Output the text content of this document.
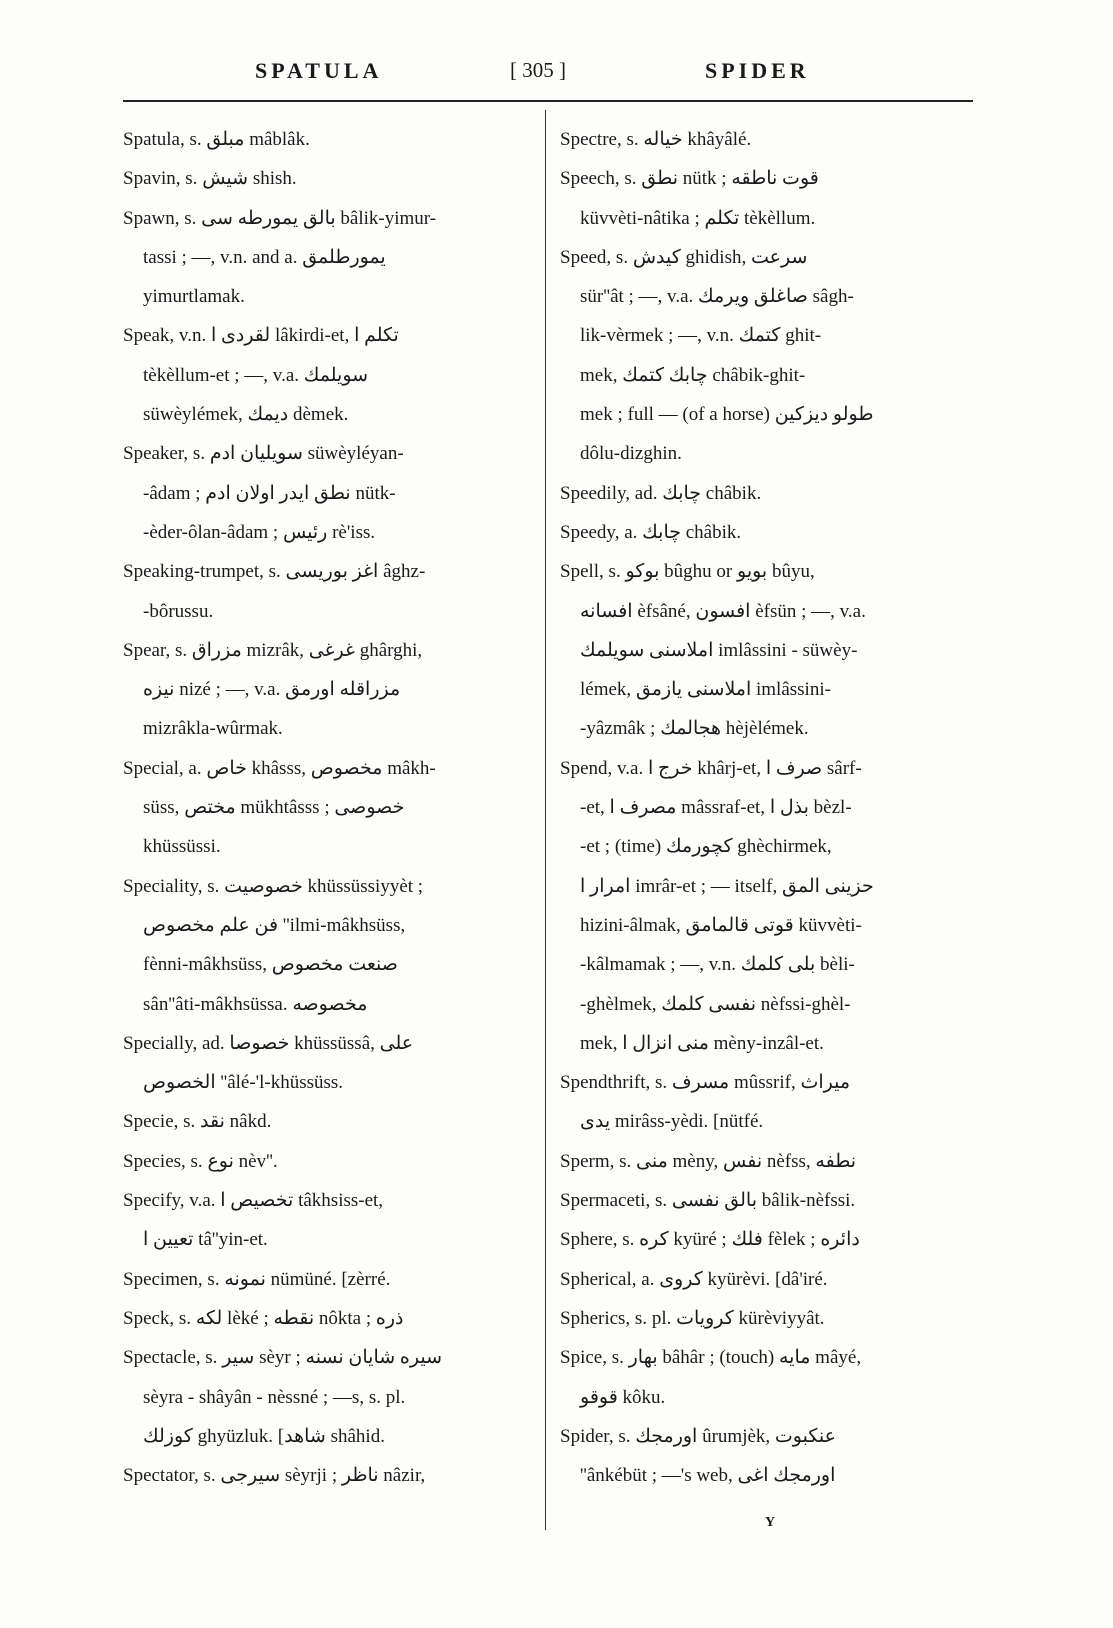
SPATULA	[ 305 ]	SPIDER
Spatula, s. مبلق mâblâk.
Spavin, s. شيش shish.
Spawn, s. بالق يمورطه سى bâlik-yimur-
tassi ; —, v.n. and a. يمورطلمق
yimurtlamak.
Speak, v.n. لقردى ا lâkirdi-et, تكلم ا
tèkèllum-et ; —, v.a. سويلمك
süwèylémek, ديمك dèmek.
Speaker, s. سويليان ادم süwèyléyan-
-âdam ; نطق ايدر اولان ادم nütk-
-èder-ôlan-âdam ; رئيس rè'iss.
Speaking-trumpet, s. اغز بوريسى âghz-
-bôrussu.
Spear, s. مزراق mizrâk, غرغى ghârghi,
نيزه nizé ; —, v.a. مزراقله اورمق
mizrâkla-wûrmak.
Special, a. خاص khâsss, مخصوص mâkh-
süss, مختص mükhtâsss ; خصوصى
khüssüssi.
Speciality, s. خصوصيت khüssüssiyyèt ;
فن علم مخصوص ''ilmi-mâkhsüss,
fènni-mâkhsüss, صنعت مخصوص
sân''âti-mâkhsüssa. مخصوصه
Specially, ad. خصوصا khüssüssâ, على
الخصوص ''âlé-'l-khüssüss.
Specie, s. نقد nâkd.
Species, s. نوع nèv''.
Specify, v.a. تخصيص ا tâkhsiss-et,
تعيين ا tâ''yin-et.
Specimen, s. نمونه nümüné. [zèrré.
Speck, s. لكه lèké ; نقطه nôkta ; ذره
Spectacle, s. سير sèyr ; سيره شايان نسنه
sèyra - shâyân - nèssné ; —s, s. pl.
كوزلك ghyüzluk. [شاهد shâhid.
Spectator, s. سيرجى sèyrji ; ناظر nâzir,
Spectre, s. خياله khâyâlé.
Speech, s. نطق nütk ; قوت ناطقه
küvvèti-nâtika ; تكلم tèkèllum.
Speed, s. كيدش ghidish, سرعت
sür''ât ; —, v.a. صاغلق ويرمك sâgh-
lik-vèrmek ; —, v.n. كتمك ghit-
mek, چابك كتمك châbik-ghit-
mek ; full — (of a horse) طولو ديزكين
dôlu-dizghin.
Speedily, ad. چابك châbik.
Speedy, a. چابك châbik.
Spell, s. بوكو bûghu or بويو bûyu,
افسانه èfsâné, افسون èfsün ; —, v.a.
املاسنى سويلمك imlâssini - süwèy-
lémek, املاسنى يازمق imlâssini-
-yâzmâk ; هجالمك hèjèlémek.
Spend, v.a. خرج ا khârj-et, صرف ا sârf-
-et, مصرف ا mâssraf-et, بذل ا bèzl-
-et ; (time) كچورمك ghèchirmek,
امرار ا imrâr-et ; — itself, حزينى المق
hizini-âlmak, قوتى قالمامق küvvèti-
-kâlmamak ; —, v.n. بلى كلمك bèli-
-ghèlmek, نفسى كلمك nèfssi-ghèl-
mek, منى انزال ا mèny-inzâl-et.
Spendthrift, s. مسرف mûssrif, ميراث
يدى mirâss-yèdi. [nütfé.
Sperm, s. منى mèny, نفس nèfss, نطفه
Spermaceti, s. بالق نفسى bâlik-nèfssi.
Sphere, s. كره kyüré ; فلك fèlek ; دائره
Spherical, a. كروى kyürèvi. [dâ'iré.
Spherics, s. pl. كرويات kürèviyyât.
Spice, s. بهار bâhâr ; (touch) مايه mâyé,
قوقو kôku.
Spider, s. اورمجك ûrumjèk, عنكبوت
''ânkébüt ; —'s web, اورمجك اغى
Y
